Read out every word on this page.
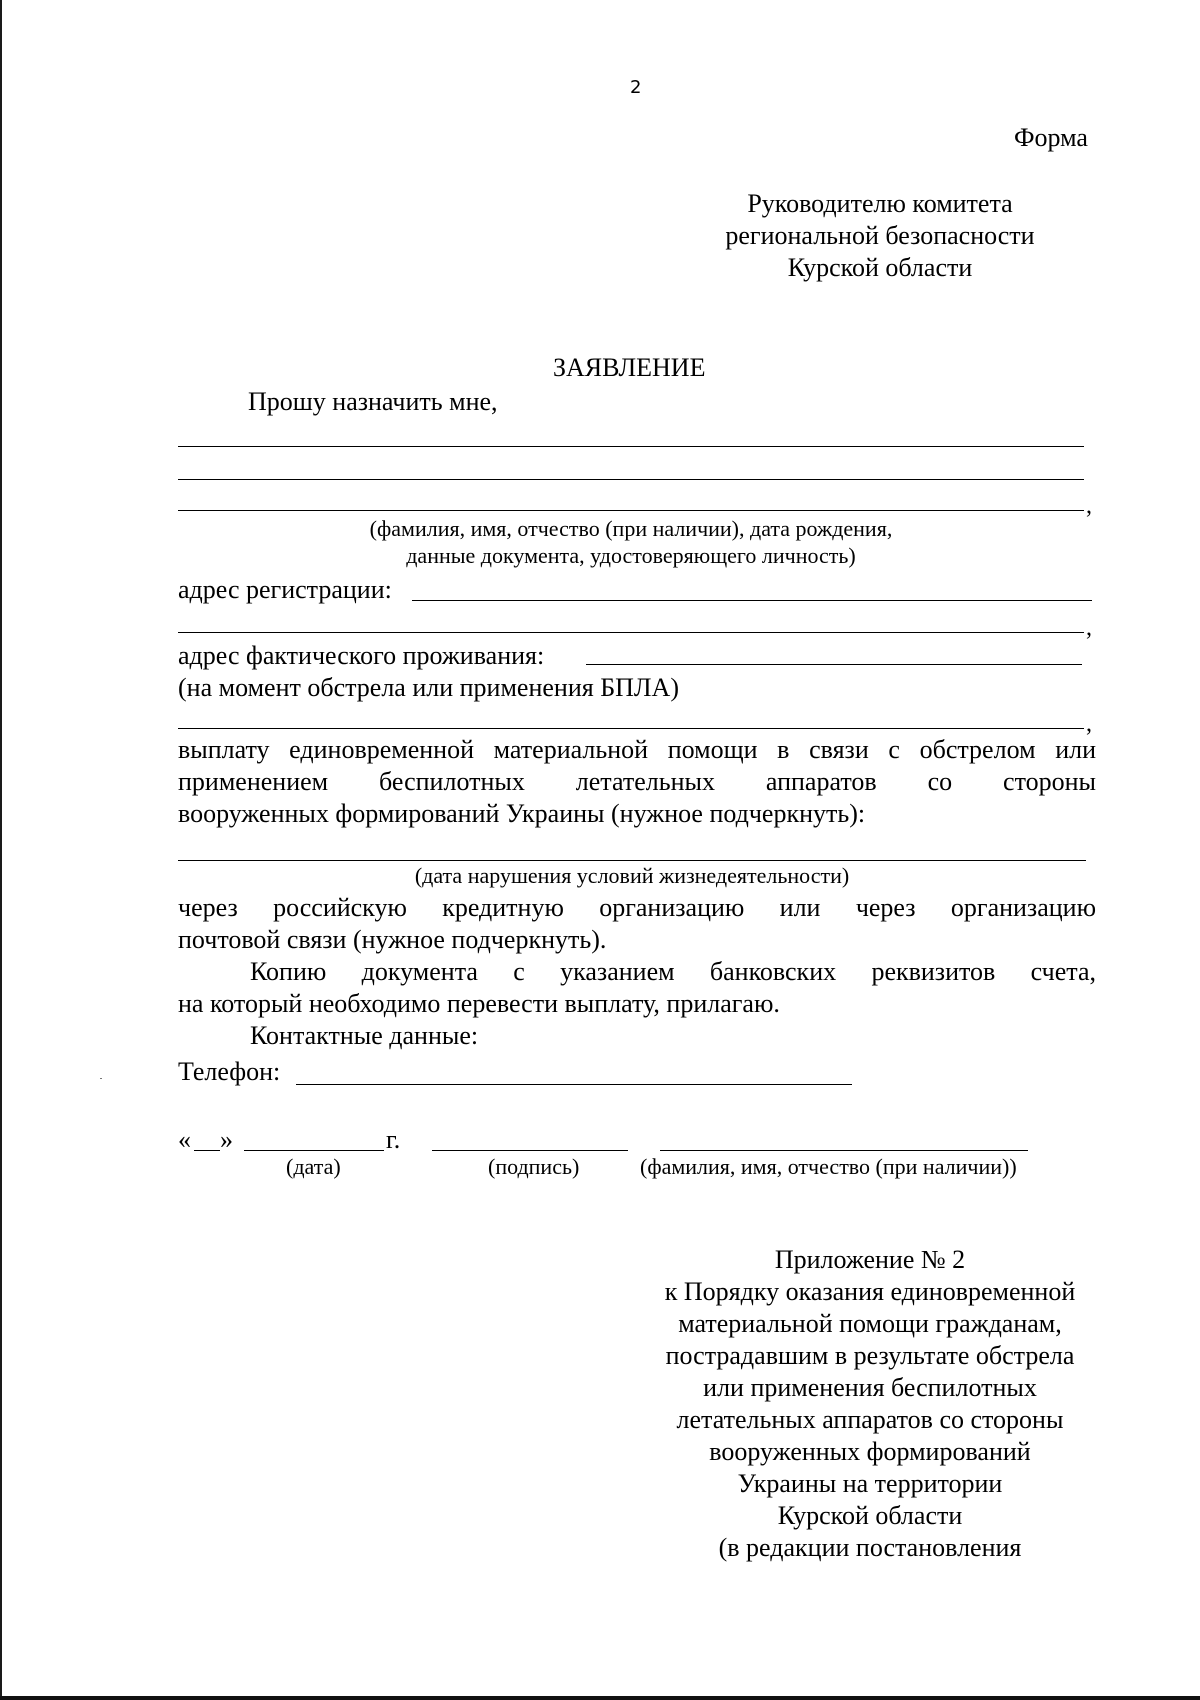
2
Форма
Руководителю комитета
региональной безопасности
Курской области
ЗАЯВЛЕНИЕ
Прошу назначить мне,
,
(фамилия, имя, отчество (при наличии), дата рождения,
данные документа, удостоверяющего личность)
адрес регистрации:
,
адрес фактического проживания:
(на момент обстрела или применения БПЛА)
,
выплату единовременной материальной помощи в связи с обстрелом или
применением беспилотных летательных аппаратов со стороны
вооруженных формирований Украины (нужное подчеркнуть):
(дата нарушения условий жизнедеятельности)
через российскую кредитную организацию или через организацию
почтовой связи (нужное подчеркнуть).
Копию документа с указанием банковских реквизитов счета,
на который необходимо перевести выплату, прилагаю.
Контактные данные:
Телефон:
« »	г.
(дата)	(подпись)	(фамилия, имя, отчество (при наличии))
Приложение № 2
к Порядку оказания единовременной
материальной помощи гражданам,
пострадавшим в результате обстрела
или применения беспилотных
летательных аппаратов со стороны
вооруженных формирований
Украины на территории
Курской области
(в редакции постановления
